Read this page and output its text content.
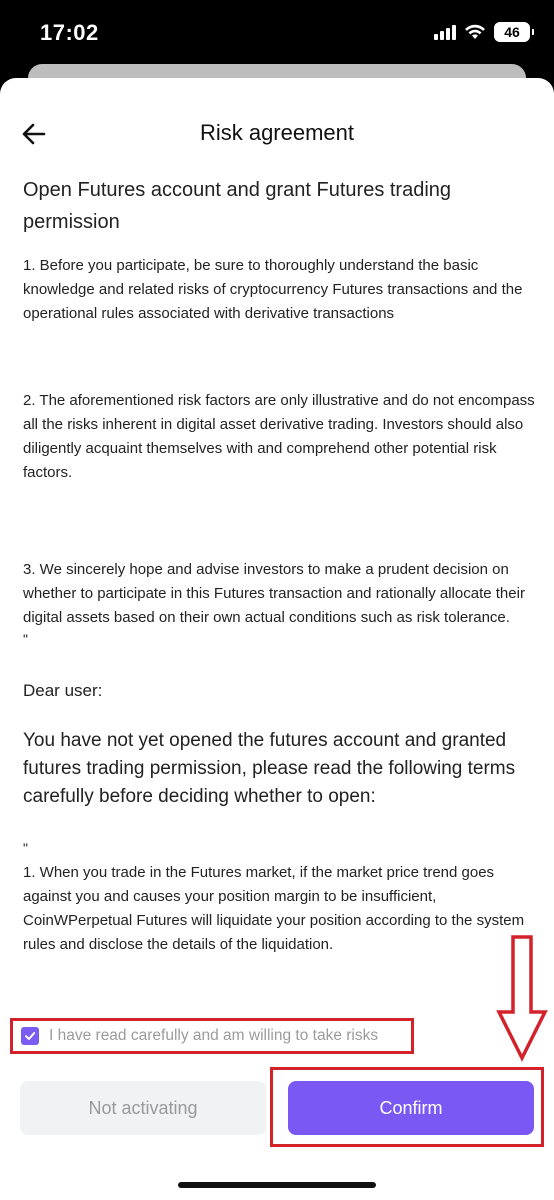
17:02	46
Risk agreement
Open Futures account and grant Futures trading permission
1. Before you participate, be sure to thoroughly understand the basic knowledge and related risks of cryptocurrency Futures transactions and the operational rules associated with derivative transactions
2. The aforementioned risk factors are only illustrative and do not encompass all the risks inherent in digital asset derivative trading. Investors should also diligently acquaint themselves with and comprehend other potential risk factors.
3. We sincerely hope and advise investors to make a prudent decision on whether to participate in this Futures transaction and rationally allocate their digital assets based on their own actual conditions such as risk tolerance.
"
Dear user:
You have not yet opened the futures account and granted futures trading permission, please read the following terms carefully before deciding whether to open:
"
1. When you trade in the Futures market, if the market price trend goes against you and causes your position margin to be insufficient, CoinWPerpetual Futures will liquidate your position according to the system rules and disclose the details of the liquidation.
I have read carefully and am willing to take risks
Not activating	Confirm
